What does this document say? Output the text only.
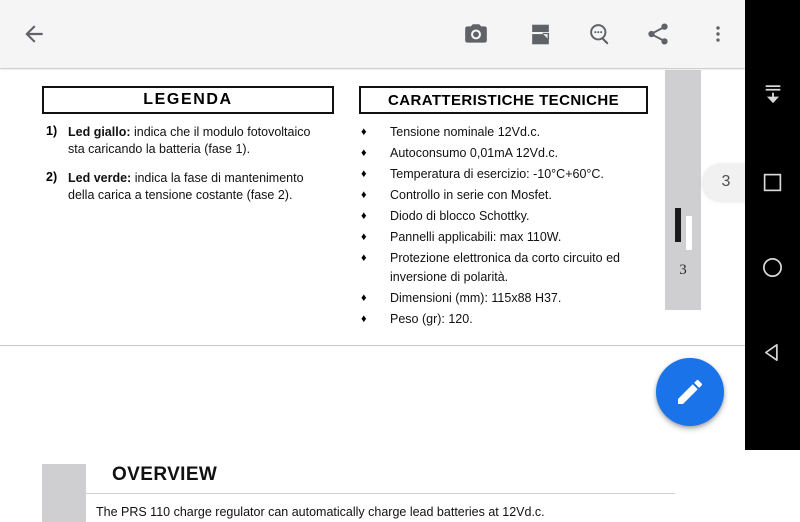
3
LEGENDA
1) Led giallo: indica che il modulo fotovoltaico sta caricando la batteria (fase 1).
2) Led verde: indica la fase di mantenimento della carica a tensione costante (fase 2).
CARATTERISTICHE TECNICHE
♦	Tensione nominale 12Vd.c.
♦	Autoconsumo 0,01mA 12Vd.c.
♦	Temperatura di esercizio: -10°C+60°C.
♦	Controllo in serie con Mosfet.
♦	Diodo di blocco Schottky.
♦	Pannelli applicabili: max 110W.
♦	Protezione elettronica da corto circuito ed inversione di polarità.
♦	Dimensioni (mm): 115x88 H37.
♦	Peso (gr): 120.
OVERVIEW
The PRS 110 charge regulator can automatically charge lead batteries at 12Vd.c.
3
